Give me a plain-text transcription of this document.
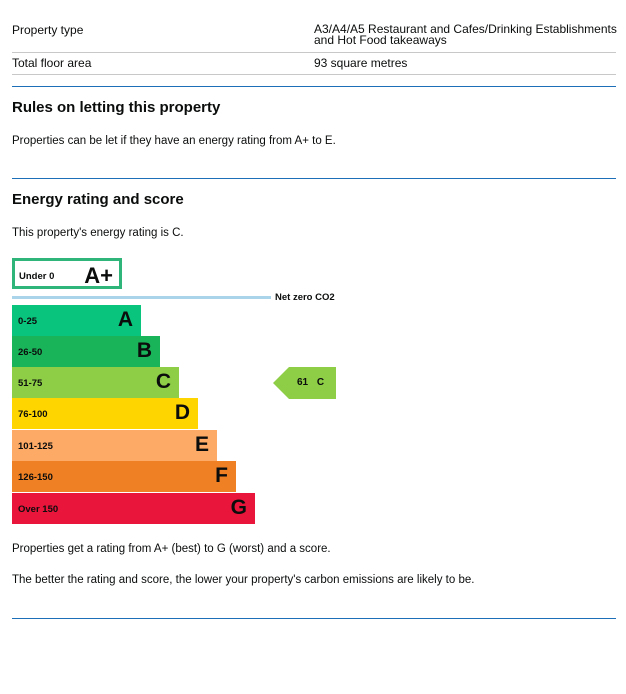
Property type	A3/A4/A5 Restaurant and Cafes/Drinking Establishments and Hot Food takeaways
Total floor area	93 square metres
Rules on letting this property
Properties can be let if they have an energy rating from A+ to E.
Energy rating and score
This property's energy rating is C.
Under 0 A+
Net zero CO2
0-25	A
26-50	B
51-75	C
76-100	D
101-125	E
126-150	F
Over 150	G
61 C
Properties get a rating from A+ (best) to G (worst) and a score.
The better the rating and score, the lower your property's carbon emissions are likely to be.
